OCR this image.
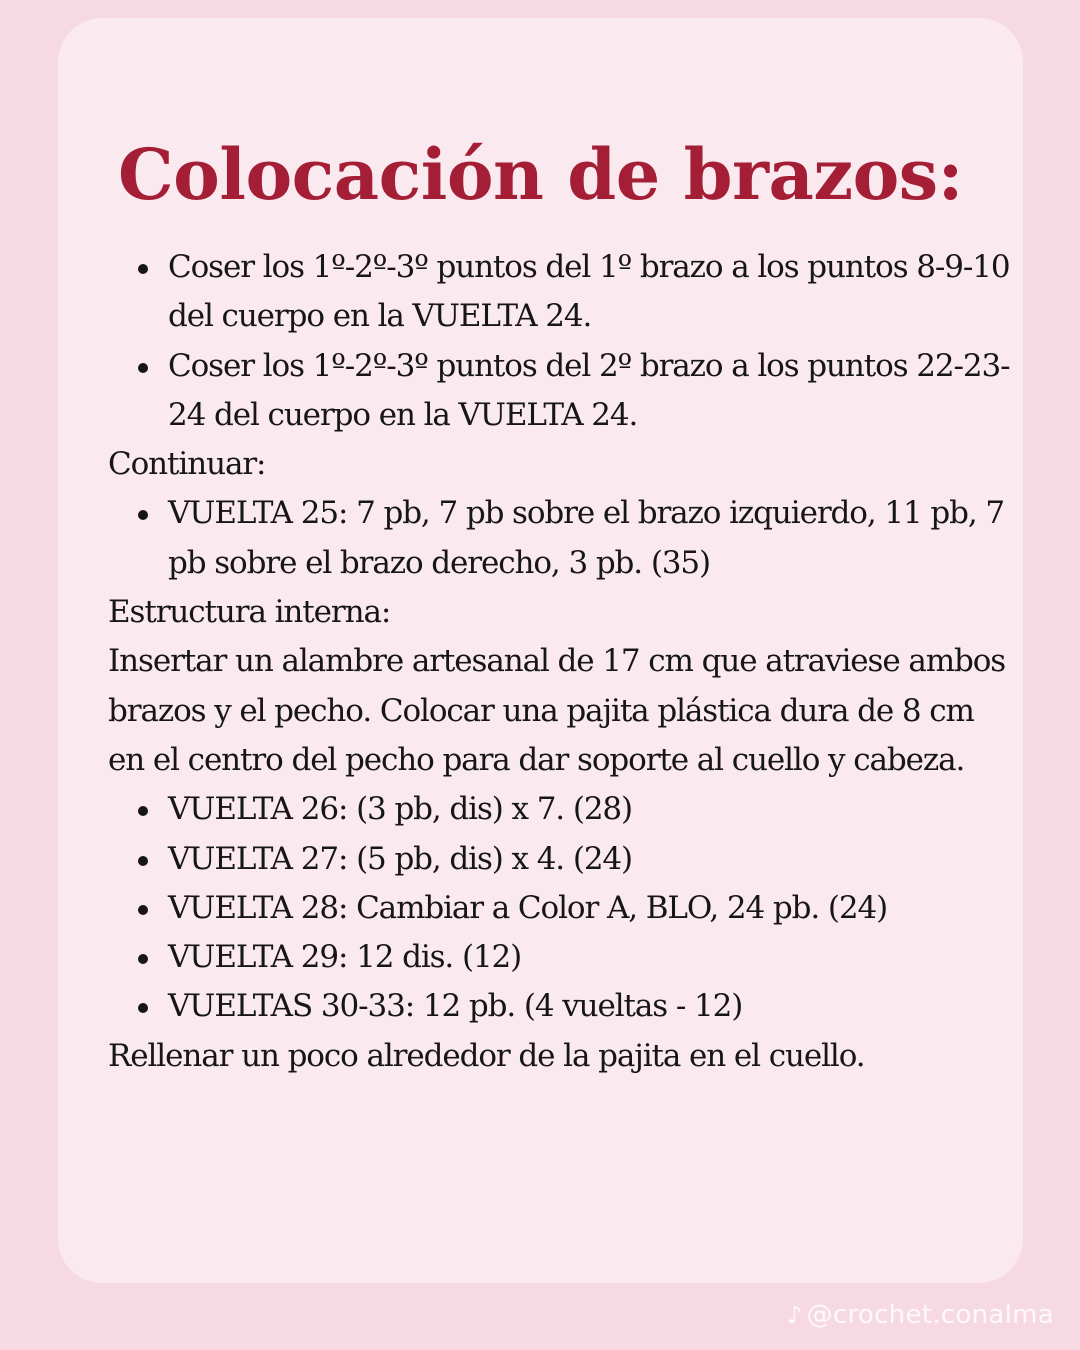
Colocación de brazos:
Coser los 1º-2º-3º puntos del 1º brazo a los puntos 8-9-10 del cuerpo en la VUELTA 24.
Coser los 1º-2º-3º puntos del 2º brazo a los puntos 22-23-24 del cuerpo en la VUELTA 24.

Continuar:

VUELTA 25: 7 pb, 7 pb sobre el brazo izquierdo, 11 pb, 7 pb sobre el brazo derecho, 3 pb. (35)

Estructura interna:

Insertar un alambre artesanal de 17 cm que atraviese ambos brazos y el pecho. Colocar una pajita plástica dura de 8 cm en el centro del pecho para dar soporte al cuello y cabeza.

VUELTA 26: (3 pb, dis) x 7. (28)
VUELTA 27: (5 pb, dis) x 4. (24)
VUELTA 28: Cambiar a Color A, BLO, 24 pb. (24)
VUELTA 29: 12 dis. (12)
VUELTAS 30-33: 12 pb. (4 vueltas - 12)

Rellenar un poco alrededor de la pajita en el cuello.

♪ @crochet.conalma
